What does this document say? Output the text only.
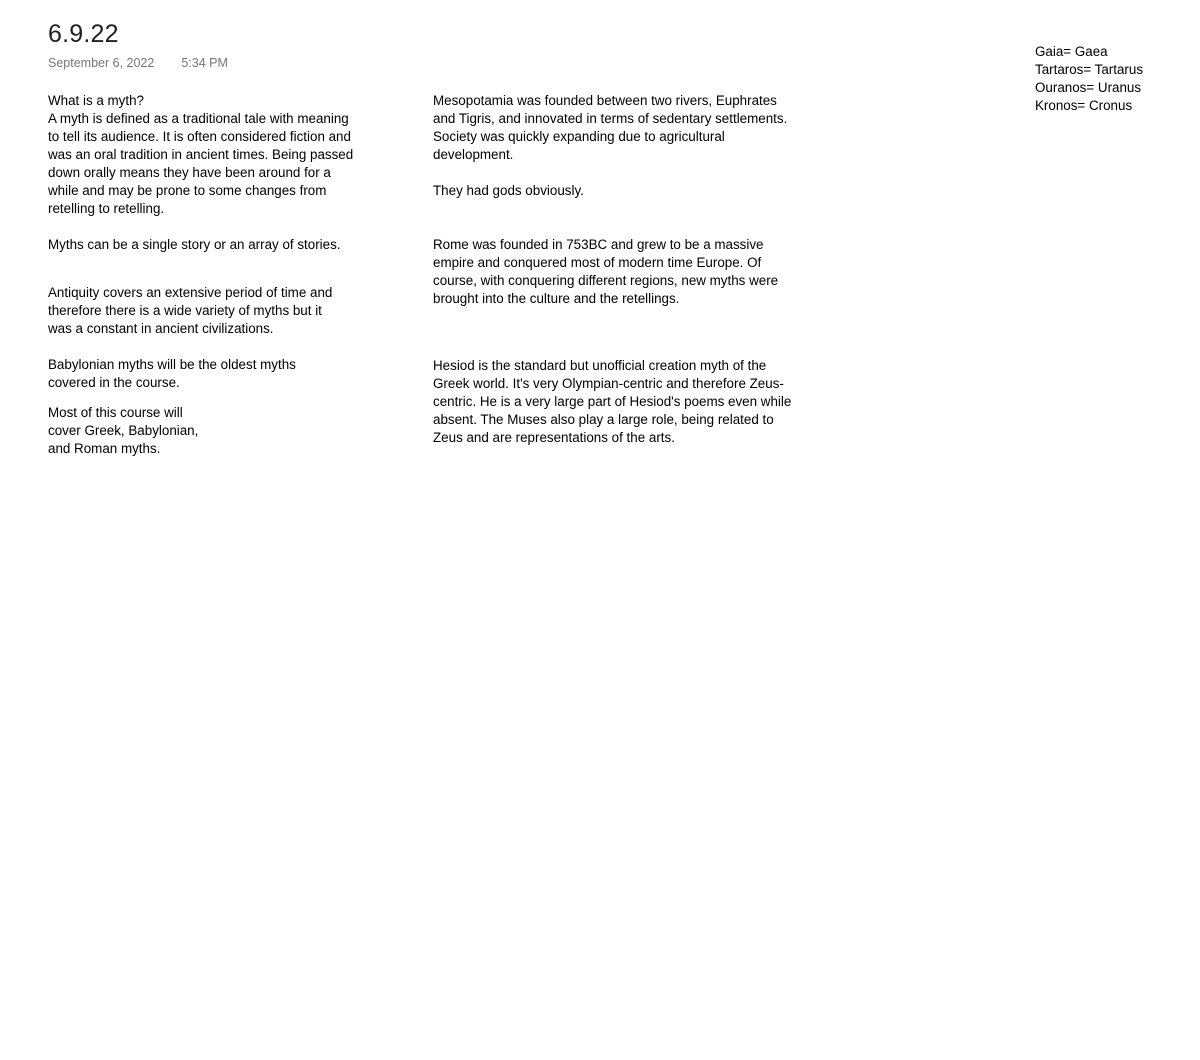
6.9.22
September 6, 2022 5:34 PM
What is a myth?
A myth is defined as a traditional tale with meaning
to tell its audience. It is often considered fiction and
was an oral tradition in ancient times. Being passed
down orally means they have been around for a
while and may be prone to some changes from
retelling to retelling.
Myths can be a single story or an array of stories.
Antiquity covers an extensive period of time and
therefore there is a wide variety of myths but it
was a constant in ancient civilizations.
Babylonian myths will be the oldest myths
covered in the course.
Most of this course will
cover Greek, Babylonian,
and Roman myths.
Mesopotamia was founded between two rivers, Euphrates
and Tigris, and innovated in terms of sedentary settlements.
Society was quickly expanding due to agricultural
development.
They had gods obviously.
Rome was founded in 753BC and grew to be a massive
empire and conquered most of modern time Europe. Of
course, with conquering different regions, new myths were
brought into the culture and the retellings.
Hesiod is the standard but unofficial creation myth of the
Greek world. It's very Olympian-centric and therefore Zeus-
centric. He is a very large part of Hesiod's poems even while
absent. The Muses also play a large role, being related to
Zeus and are representations of the arts.
Gaia= Gaea
Tartaros= Tartarus
Ouranos= Uranus
Kronos= Cronus
